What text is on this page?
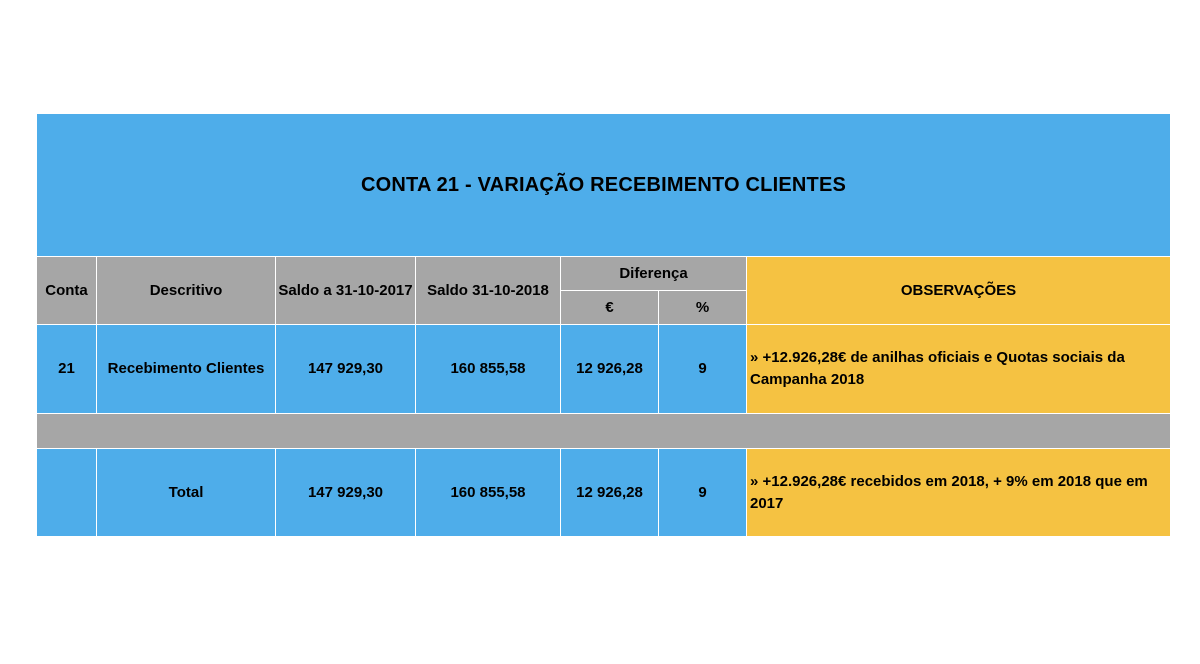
CONTA 21 - VARIAÇÃO RECEBIMENTO CLIENTES						
Conta	Descritivo	Saldo a 31-10-2017	Saldo 31-10-2018	Diferença		OBSERVAÇÕES
				€	%	
21	Recebimento Clientes	147 929,30	160 855,58	12 926,28	9	» +12.926,28€ de anilhas oficiais e Quotas sociais da Campanha 2018

	Total	147 929,30	160 855,58	12 926,28	9	» +12.926,28€ recebidos em 2018, + 9% em 2018 que em 2017
